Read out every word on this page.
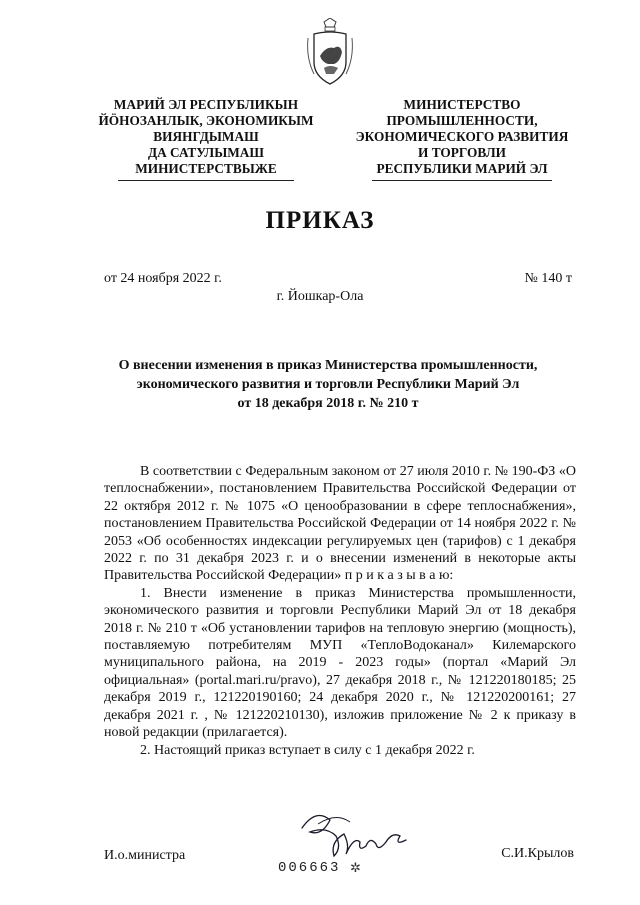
МАРИЙ ЭЛ РЕСПУБЛИКЫН
ЙӦНОЗАНЛЫК, ЭКОНОМИКЫМ
ВИЯНГДЫМАШ
ДА САТУЛЫМАШ
МИНИСТЕРСТВЫЖЕ
МИНИСТЕРСТВО
ПРОМЫШЛЕННОСТИ,
ЭКОНОМИЧЕСКОГО РАЗВИТИЯ
И ТОРГОВЛИ
РЕСПУБЛИКИ МАРИЙ ЭЛ
ПРИКАЗ
от 24 ноября 2022 г.	№ 140 т
г. Йошкар-Ола
О внесении изменения в приказ Министерства промышленности,
экономического развития и торговли Республики Марий Эл
от 18 декабря 2018 г. № 210 т

В соответствии с Федеральным законом от 27 июля 2010 г. № 190-ФЗ «О теплоснабжении», постановлением Правительства Российской Федерации от 22 октября 2012 г. № 1075 «О ценообразовании в сфере теплоснабжения», постановлением Правительства Российской Федерации от 14 ноября 2022 г. № 2053 «Об особенностях индексации регулируемых цен (тарифов) с 1 декабря 2022 г. по 31 декабря 2023 г. и о внесении изменений в некоторые акты Правительства Российской Федерации» п р и к а з ы в а ю:

1. Внести изменение в приказ Министерства промышленности, экономического развития и торговли Республики Марий Эл от 18 декабря 2018 г. № 210 т «Об установлении тарифов на тепловую энергию (мощность), поставляемую потребителям МУП «ТеплоВодоканал» Килемарского муниципального района, на 2019 - 2023 годы» (портал «Марий Эл официальная» (portal.mari.ru/pravo), 27 декабря 2018 г., № 121220180185; 25 декабря 2019 г., 121220190160; 24 декабря 2020 г., № 121220200161; 27 декабря 2021 г. , № 121220210130), изложив приложение № 2 к приказу в новой редакции (прилагается).

2. Настоящий приказ вступает в силу с 1 декабря 2022 г.

И.о.министра	С.И.Крылов
006663 ✲
